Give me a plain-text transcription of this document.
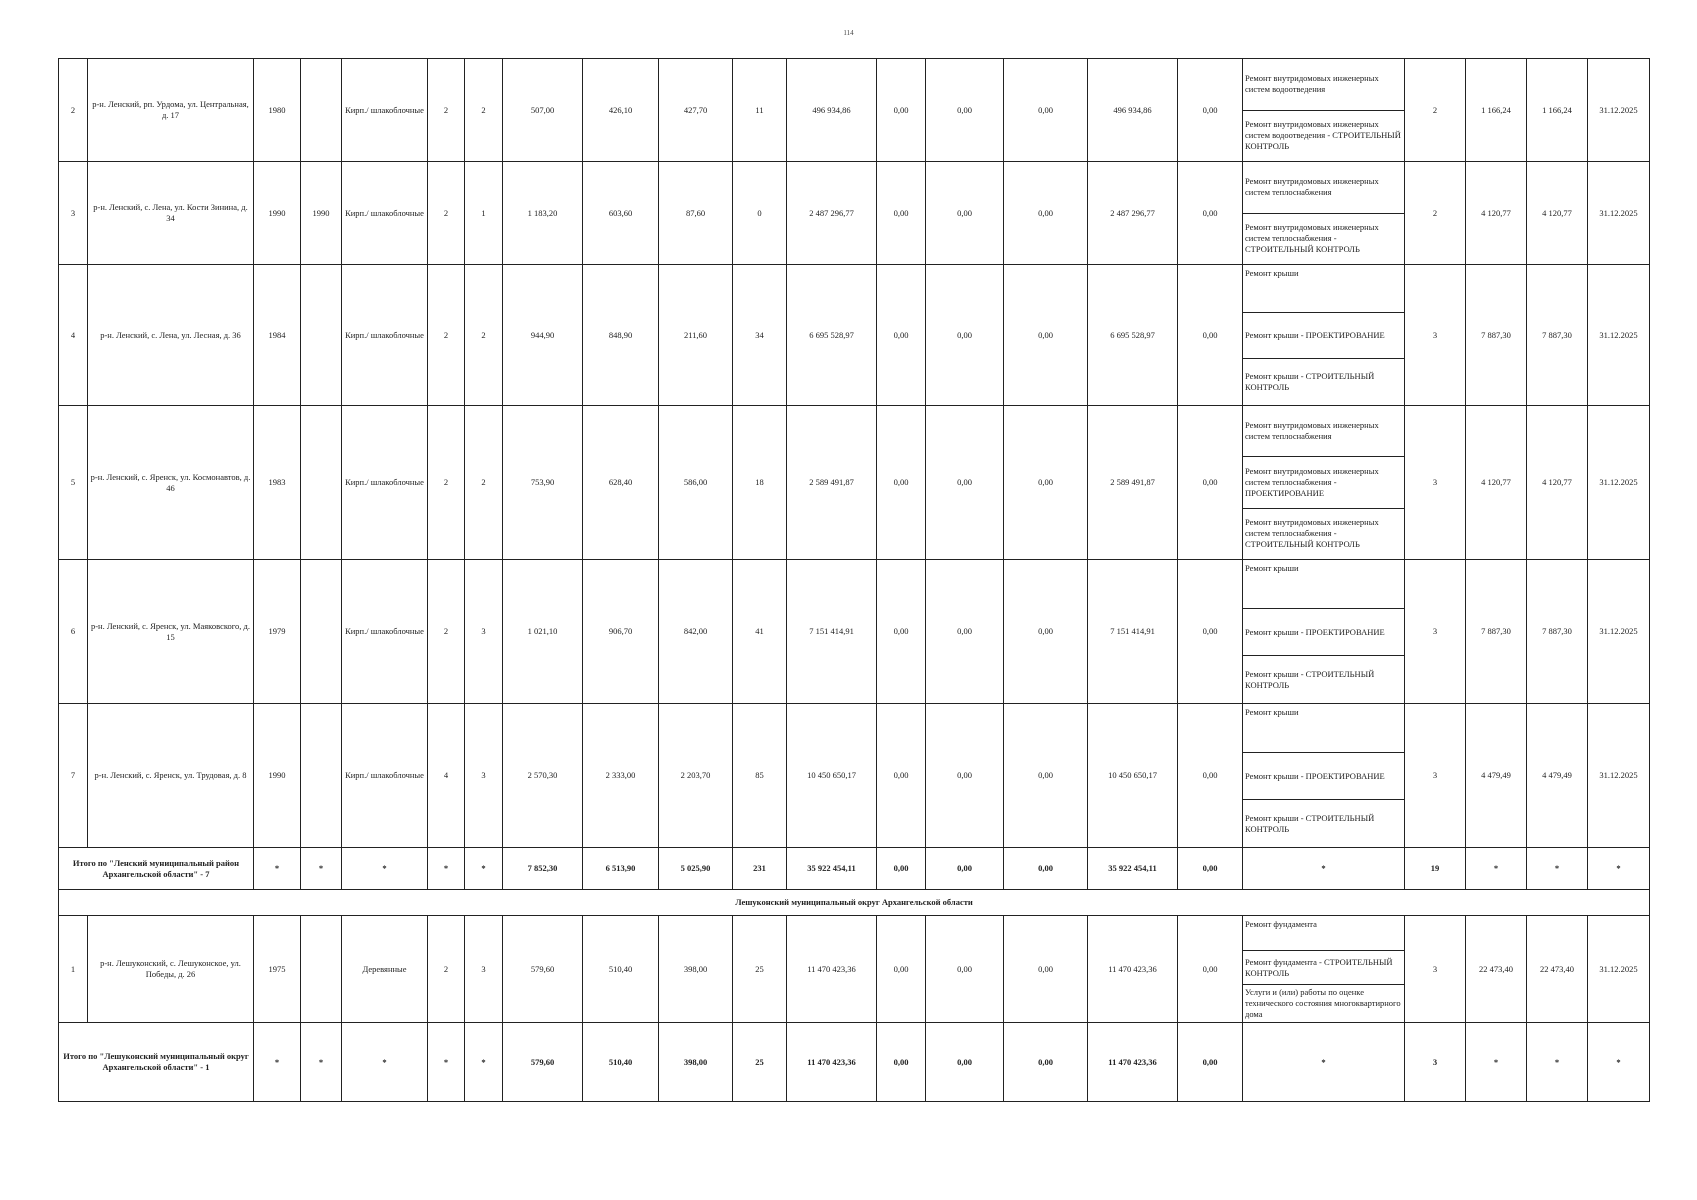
114
2	р-н. Ленский, рп. Урдома, ул. Центральная, д. 17	1980		Кирп./ шлакоблочные	2	2	507,00	426,10	427,70	11	496 934,86	0,00	0,00	0,00	496 934,86	0,00	Ремонт внутридомовых инженерных систем водоотведения
Ремонт внутридомовых инженерных систем водоотведения - СТРОИТЕЛЬНЫЙ КОНТРОЛЬ	2	1 166,24	1 166,24	31.12.2025
3	р-н. Ленский, с. Лена, ул. Кости Зинина, д. 34	1990	1990	Кирп./ шлакоблочные	2	1	1 183,20	603,60	87,60	0	2 487 296,77	0,00	0,00	0,00	2 487 296,77	0,00	Ремонт внутридомовых инженерных систем теплоснабжения
Ремонт внутридомовых инженерных систем теплоснабжения - СТРОИТЕЛЬНЫЙ КОНТРОЛЬ	2	4 120,77	4 120,77	31.12.2025
4	р-н. Ленский, с. Лена, ул. Лесная, д. 36	1984		Кирп./ шлакоблочные	2	2	944,90	848,90	211,60	34	6 695 528,97	0,00	0,00	0,00	6 695 528,97	0,00	Ремонт крыши
Ремонт крыши - ПРОЕКТИРОВАНИЕ
Ремонт крыши - СТРОИТЕЛЬНЫЙ КОНТРОЛЬ	3	7 887,30	7 887,30	31.12.2025
5	р-н. Ленский, с. Яренск, ул. Космонавтов, д. 46	1983		Кирп./ шлакоблочные	2	2	753,90	628,40	586,00	18	2 589 491,87	0,00	0,00	0,00	2 589 491,87	0,00	Ремонт внутридомовых инженерных систем теплоснабжения
Ремонт внутридомовых инженерных систем теплоснабжения - ПРОЕКТИРОВАНИЕ
Ремонт внутридомовых инженерных систем теплоснабжения - СТРОИТЕЛЬНЫЙ КОНТРОЛЬ	3	4 120,77	4 120,77	31.12.2025
6	р-н. Ленский, с. Яренск, ул. Маяковского, д. 15	1979		Кирп./ шлакоблочные	2	3	1 021,10	906,70	842,00	41	7 151 414,91	0,00	0,00	0,00	7 151 414,91	0,00	Ремонт крыши
Ремонт крыши - ПРОЕКТИРОВАНИЕ
Ремонт крыши - СТРОИТЕЛЬНЫЙ КОНТРОЛЬ	3	7 887,30	7 887,30	31.12.2025
7	р-н. Ленский, с. Яренск, ул. Трудовая, д. 8	1990		Кирп./ шлакоблочные	4	3	2 570,30	2 333,00	2 203,70	85	10 450 650,17	0,00	0,00	0,00	10 450 650,17	0,00	Ремонт крыши
Ремонт крыши - ПРОЕКТИРОВАНИЕ
Ремонт крыши - СТРОИТЕЛЬНЫЙ КОНТРОЛЬ	3	4 479,49	4 479,49	31.12.2025
Итого по "Ленский муниципальный район Архангельской области" - 7		*	*	*	*	*	7 852,30	6 513,90	5 025,90	231	35 922 454,11	0,00	0,00	0,00	35 922 454,11	0,00	*	19	*	*	*
Лешуконский муниципальный округ Архангельской области																					
1	р-н. Лешуконский, с. Лешуконское, ул. Победы, д. 26	1975		Деревянные	2	3	579,60	510,40	398,00	25	11 470 423,36	0,00	0,00	0,00	11 470 423,36	0,00	Ремонт фундамента
Ремонт фундамента - СТРОИТЕЛЬНЫЙ КОНТРОЛЬ
Услуги и (или) работы по оценке технического состояния многоквартирного дома	3	22 473,40	22 473,40	31.12.2025
Итого по "Лешуконский муниципальный округ Архангельской области" - 1		*	*	*	*	*	579,60	510,40	398,00	25	11 470 423,36	0,00	0,00	0,00	11 470 423,36	0,00	*	3	*	*	*
